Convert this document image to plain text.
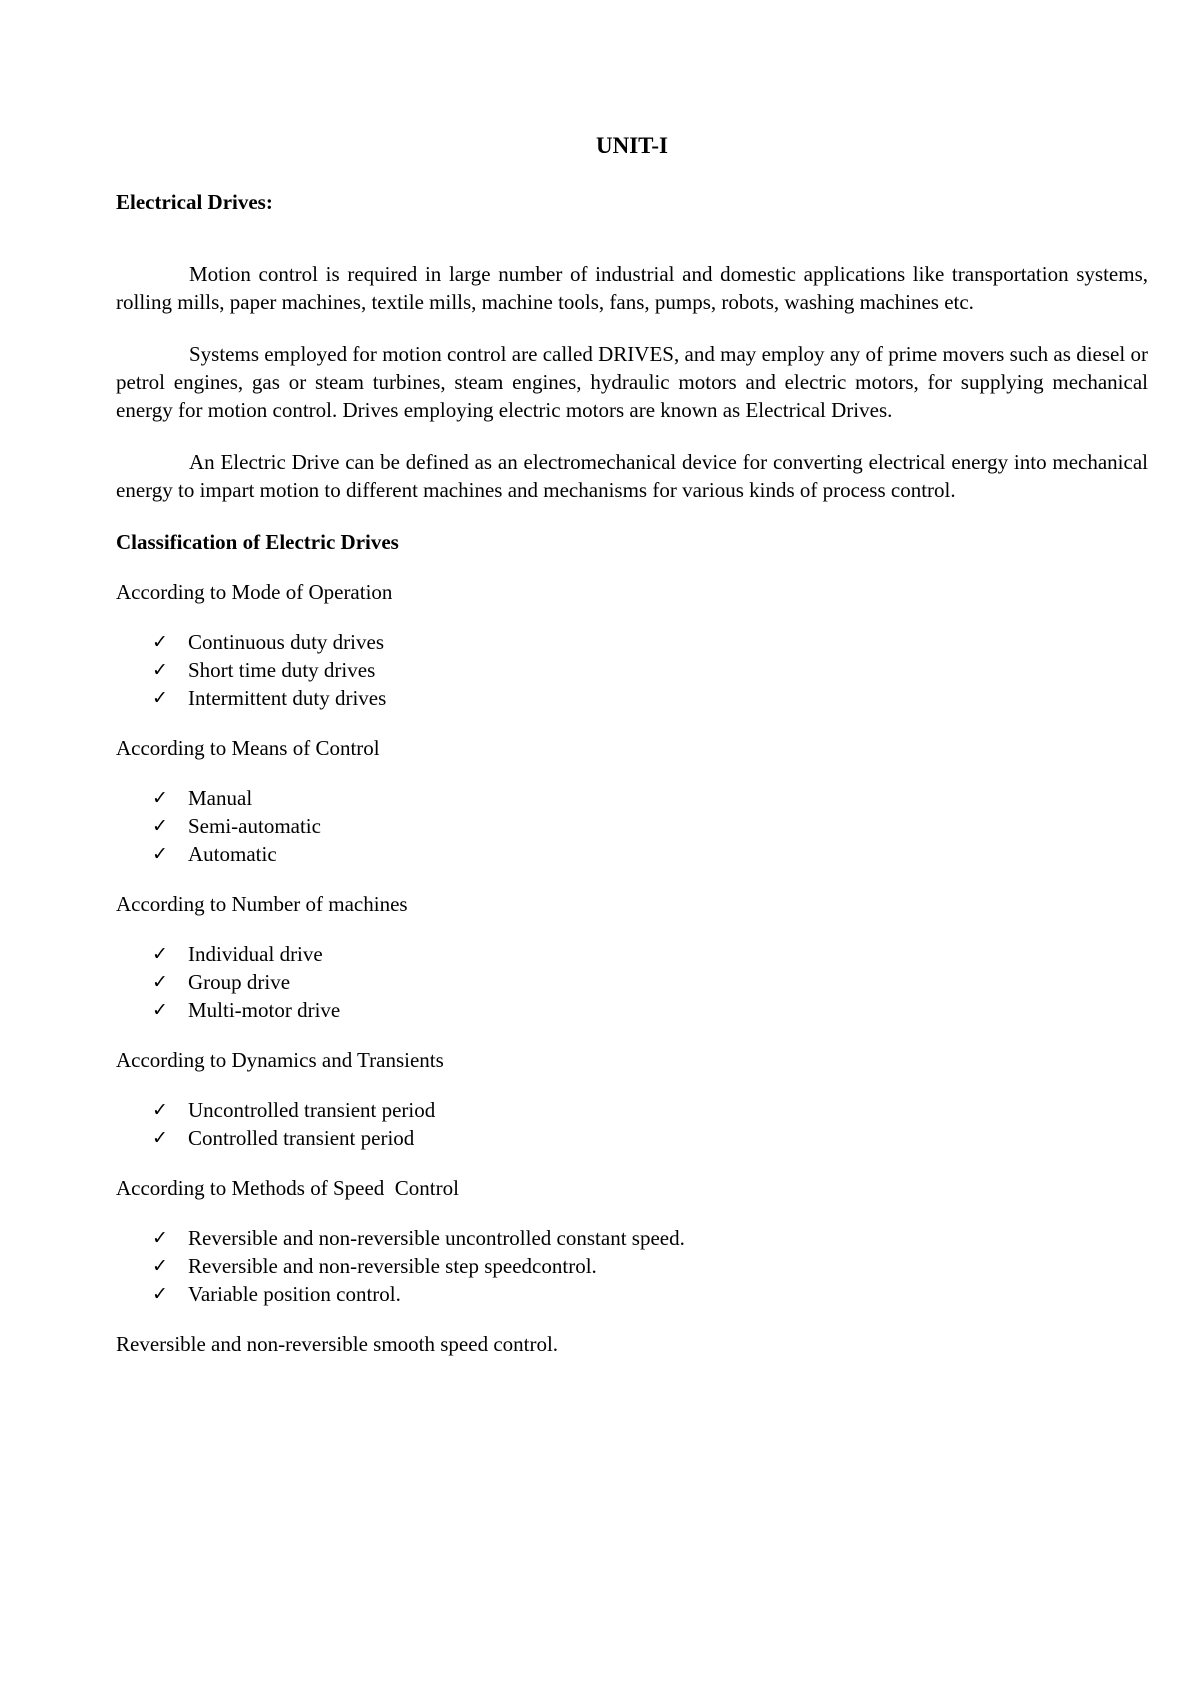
UNIT-I

Electrical Drives:

Motion control is required in large number of industrial and domestic applications like transportation systems, rolling mills, paper machines, textile mills, machine tools, fans, pumps, robots, washing machines etc.

Systems employed for motion control are called DRIVES, and may employ any of prime movers such as diesel or petrol engines, gas or steam turbines, steam engines, hydraulic motors and electric motors, for supplying mechanical energy for motion control. Drives employing electric motors are known as Electrical Drives.

An Electric Drive can be defined as an electromechanical device for converting electrical energy into mechanical energy to impart motion to different machines and mechanisms for various kinds of process control.

Classification of Electric Drives

According to Mode of Operation

✓ Continuous duty drives
✓ Short time duty drives
✓ Intermittent duty drives

According to Means of Control

✓ Manual
✓ Semi-automatic
✓ Automatic

According to Number of machines

✓ Individual drive
✓ Group drive
✓ Multi-motor drive

According to Dynamics and Transients

✓ Uncontrolled transient period
✓ Controlled transient period

According to Methods of Speed  Control

✓ Reversible and non-reversible uncontrolled constant speed.
✓ Reversible and non-reversible step speedcontrol.
✓ Variable position control.

Reversible and non-reversible smooth speed control.
